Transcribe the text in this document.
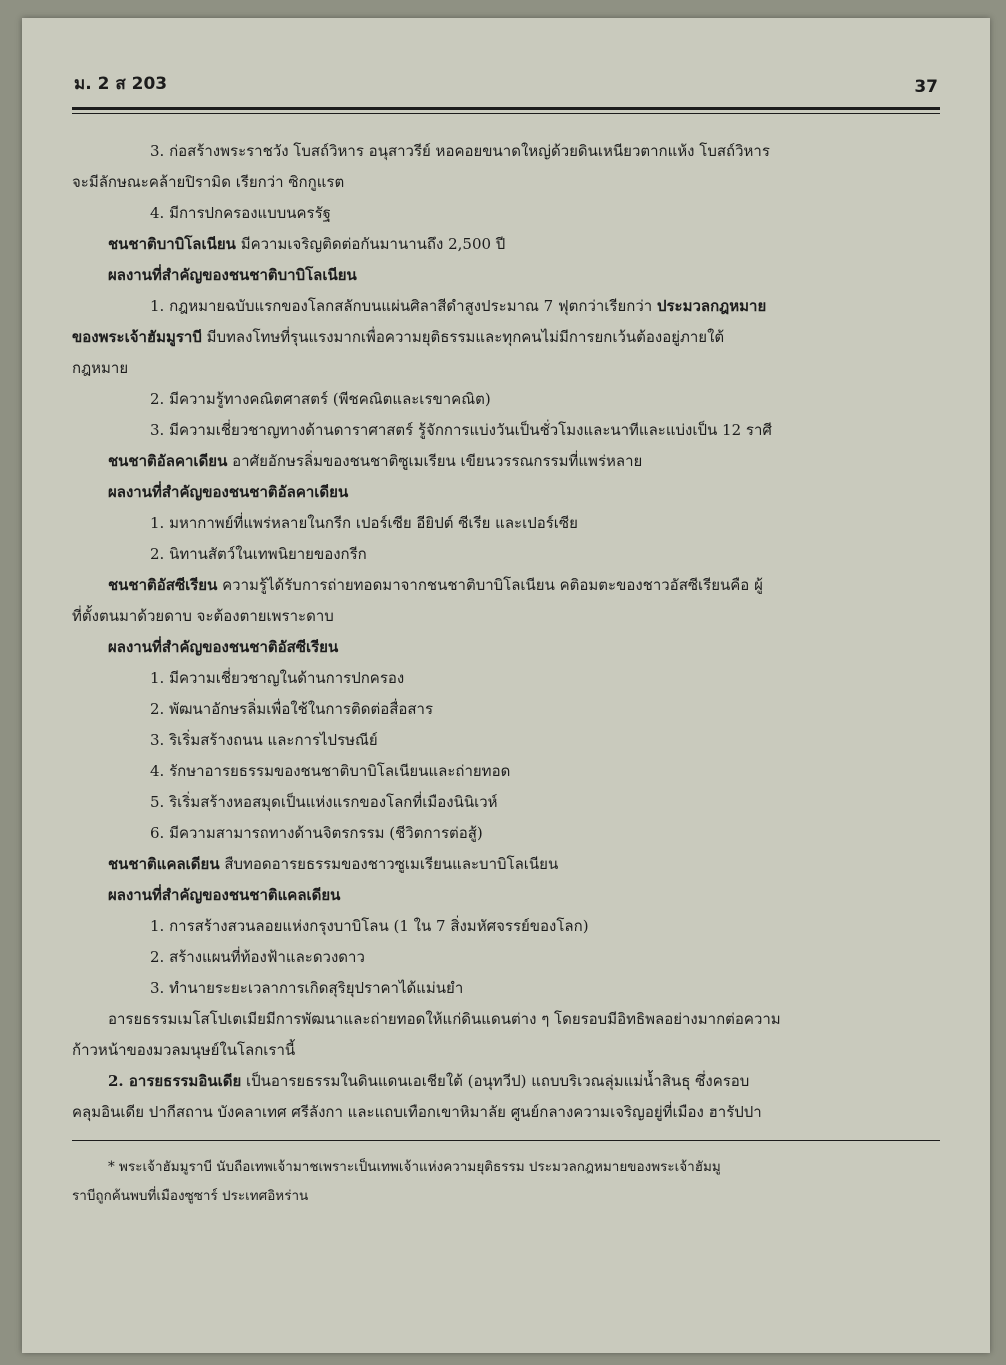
ม. 2 ส 203	37

3. ก่อสร้างพระราชวัง โบสถ์วิหาร อนุสาวรีย์ หอคอยขนาดใหญ่ด้วยดินเหนียวตากแห้ง โบสถ์วิหาร

จะมีลักษณะคล้ายปิรามิด เรียกว่า ซิกกูแรต

4. มีการปกครองแบบนครรัฐ

ชนชาติบาบิโลเนียน มีความเจริญติดต่อกันมานานถึง 2,500 ปี

ผลงานที่สำคัญของชนชาติบาบิโลเนียน

1. กฎหมายฉบับแรกของโลกสลักบนแผ่นศิลาสีดำสูงประมาณ 7 ฟุตกว่าเรียกว่า ประมวลกฎหมาย

ของพระเจ้าฮัมมูราบี มีบทลงโทษที่รุนแรงมากเพื่อความยุติธรรมและทุกคนไม่มีการยกเว้นต้องอยู่ภายใต้

กฎหมาย

2. มีความรู้ทางคณิตศาสตร์ (พีชคณิตและเรขาคณิต)

3. มีความเชี่ยวชาญทางด้านดาราศาสตร์ รู้จักการแบ่งวันเป็นชั่วโมงและนาทีและแบ่งเป็น 12 ราศี

ชนชาติอัลคาเดียน อาศัยอักษรลิ่มของชนชาติซูเมเรียน เขียนวรรณกรรมที่แพร่หลาย

ผลงานที่สำคัญของชนชาติอัลคาเดียน

1. มหากาพย์ที่แพร่หลายในกรีก เปอร์เซีย อียิปต์ ซีเรีย และเปอร์เซีย

2. นิทานสัตว์ในเทพนิยายของกรีก

ชนชาติอัสซีเรียน ความรู้ได้รับการถ่ายทอดมาจากชนชาติบาบิโลเนียน คติอมตะของชาวอัสซีเรียนคือ ผู้

ที่ตั้งตนมาด้วยดาบ จะต้องตายเพราะดาบ

ผลงานที่สำคัญของชนชาติอัสซีเรียน

1. มีความเชี่ยวชาญในด้านการปกครอง

2. พัฒนาอักษรลิ่มเพื่อใช้ในการติดต่อสื่อสาร

3. ริเริ่มสร้างถนน และการไปรษณีย์

4. รักษาอารยธรรมของชนชาติบาบิโลเนียนและถ่ายทอด

5. ริเริ่มสร้างหอสมุดเป็นแห่งแรกของโลกที่เมืองนินิเวห์

6. มีความสามารถทางด้านจิตรกรรม (ชีวิตการต่อสู้)

ชนชาติแคลเดียน สืบทอดอารยธรรมของชาวซูเมเรียนและบาบิโลเนียน

ผลงานที่สำคัญของชนชาติแคลเดียน

1. การสร้างสวนลอยแห่งกรุงบาบิโลน (1 ใน 7 สิ่งมหัศจรรย์ของโลก)

2. สร้างแผนที่ท้องฟ้าและดวงดาว

3. ทำนายระยะเวลาการเกิดสุริยุปราคาได้แม่นยำ

อารยธรรมเมโสโปเตเมียมีการพัฒนาและถ่ายทอดให้แก่ดินแดนต่าง ๆ โดยรอบมีอิทธิพลอย่างมากต่อความ

ก้าวหน้าของมวลมนุษย์ในโลกเรานี้

2. อารยธรรมอินเดีย เป็นอารยธรรมในดินแดนเอเชียใต้ (อนุทวีป) แถบบริเวณลุ่มแม่น้ำสินธุ ซึ่งครอบ

คลุมอินเดีย ปากีสถาน บังคลาเทศ ศรีลังกา และแถบเทือกเขาหิมาลัย ศูนย์กลางความเจริญอยู่ที่เมือง ฮารัปปา

* พระเจ้าฮัมมูราบี นับถือเทพเจ้ามาชเพราะเป็นเทพเจ้าแห่งความยุติธรรม ประมวลกฎหมายของพระเจ้าฮัมมู

ราบีถูกค้นพบที่เมืองซูซาร์ ประเทศอิหร่าน
